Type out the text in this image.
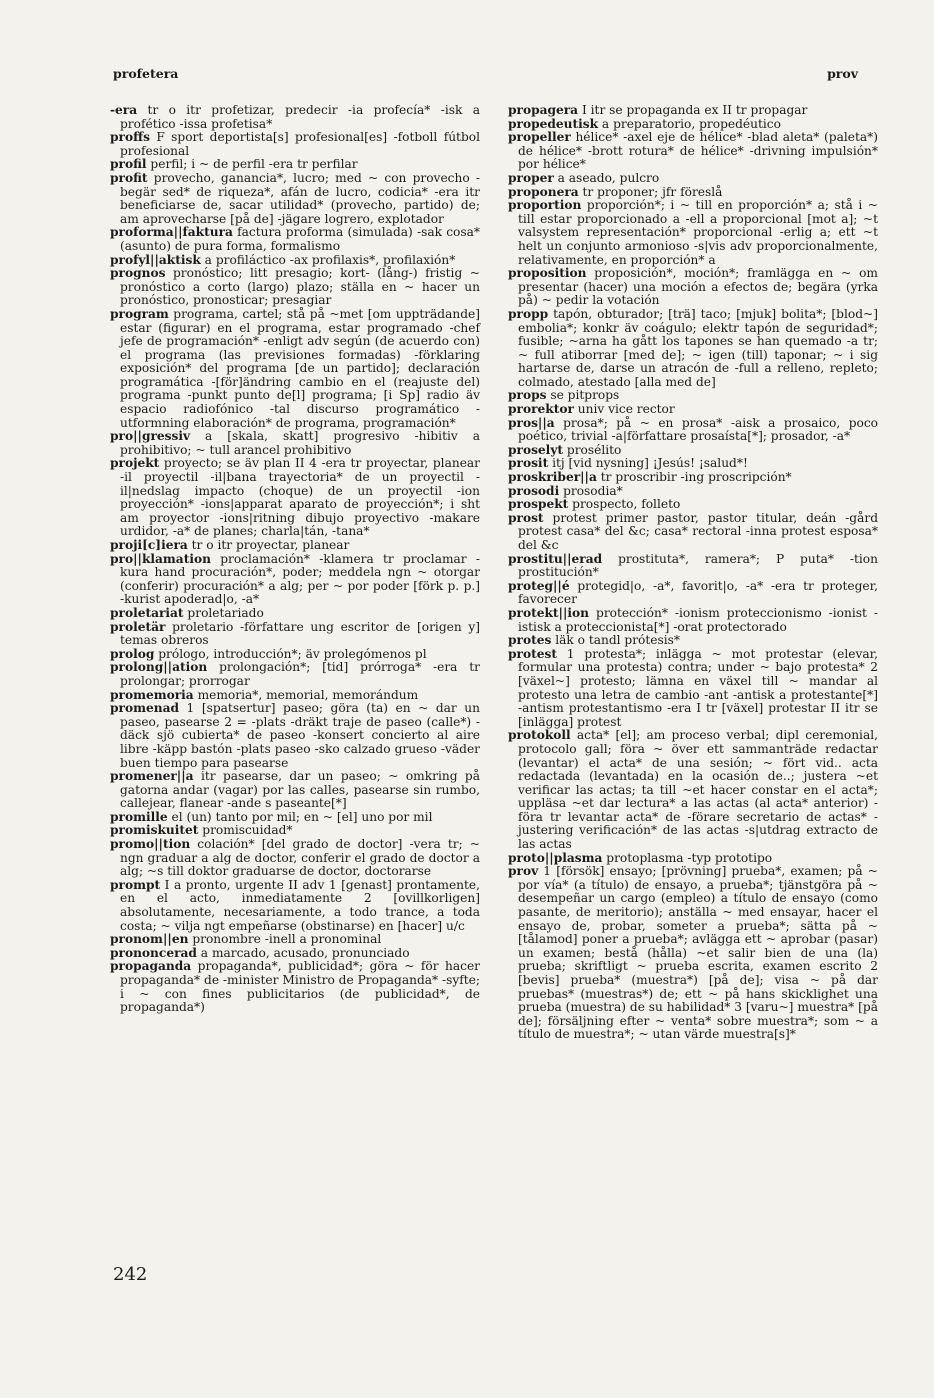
profetera	prov

-era tr o itr profetizar, predecir -ia profecía* -isk a profético -issa profetisa*

proffs F sport deportista[s] profesional[es] -fotboll fútbol profesional

profil perfil; i ~ de perfil -era tr perfilar

profit provecho, ganancia*, lucro; med ~ con provecho -begär sed* de riqueza*, afán de lucro, codicia* -era itr beneficiarse de, sacar utilidad* (provecho, partido) de; am aprovecharse [på de] -jägare logrero, explotador

proforma||faktura factura proforma (simulada) -sak cosa* (asunto) de pura forma, formalismo

profyl||aktisk a profiláctico -ax profilaxis*, profilaxión*

prognos pronóstico; litt presagio; kort- (lång-) fristig ~ pronóstico a corto (largo) plazo; ställa en ~ hacer un pronóstico, pronosticar; presagiar

program programa, cartel; stå på ~met [om uppträdande] estar (figurar) en el programa, estar programado -chef jefe de programación* -enligt adv según (de acuerdo con) el programa (las previsiones formadas) -förklaring exposición* del programa [de un partido]; declaración programática -[för]ändring cambio en el (reajuste del) programa -punkt punto de[l] programa; [i Sp] radio äv espacio radiofónico -tal discurso programático -utformning elaboración* de programa, programación*

pro||gressiv a [skala, skatt] progresivo -hibitiv a prohibitivo; ~ tull arancel prohibitivo

projekt proyecto; se äv plan II 4 -era tr proyectar, planear -il proyectil -il|bana trayectoria* de un proyectil -il|nedslag impacto (choque) de un proyectil -ion proyección* -ions|apparat aparato de proyección*; i sht am proyector -ions|ritning dibujo proyectivo -makare urdidor, -a* de planes; charla|tán, -tana*

proji[c]iera tr o itr proyectar, planear

pro||klamation proclamación* -klamera tr proclamar -kura hand procuración*, poder; meddela ngn ~ otorgar (conferir) procuración* a alg; per ~ por poder [förk p. p.] -kurist apoderad|o, -a*

proletariat proletariado

proletär proletario -författare ung escritor de [origen y] temas obreros

prolog prólogo, introducción*; äv prolegómenos pl

prolong||ation prolongación*; [tid] prórroga* -era tr prolongar; prorrogar

promemoria memoria*, memorial, memorándum

promenad 1 [spatsertur] paseo; göra (ta) en ~ dar un paseo, pasearse 2 = -plats -dräkt traje de paseo (calle*) -däck sjö cubierta* de paseo -konsert concierto al aire libre -käpp bastón -plats paseo -sko calzado grueso -väder buen tiempo para pasearse

promener||a itr pasearse, dar un paseo; ~ omkring på gatorna andar (vagar) por las calles, pasearse sin rumbo, callejear, flanear -ande s paseante[*]

promille el (un) tanto por mil; en ~ [el] uno por mil

promiskuitet promiscuidad*

promo||tion colación* [del grado de doctor] -vera tr; ~ ngn graduar a alg de doctor, conferir el grado de doctor a alg; ~s till doktor graduarse de doctor, doctorarse

prompt I a pronto, urgente II adv 1 [genast] prontamente, en el acto, inmediatamente 2 [ovillkorligen] absolutamente, necesariamente, a todo trance, a toda costa; ~ vilja ngt empeñarse (obstinarse) en [hacer] u/c

pronom||en pronombre -inell a pronominal

prononcerad a marcado, acusado, pronunciado

propaganda propaganda*, publicidad*; göra ~ för hacer propaganda* de -minister Ministro de Propaganda* -syfte; i ~ con fines publicitarios (de publicidad*, de propaganda*)

propagera I itr se propaganda ex II tr propagar

propedeutisk a preparatorio, propedéutico

propeller hélice* -axel eje de hélice* -blad aleta* (paleta*) de hélice* -brott rotura* de hélice* -drivning impulsión* por hélice*

proper a aseado, pulcro

proponera tr proponer; jfr föreslå

proportion proporción*; i ~ till en proporción* a; stå i ~ till estar proporcionado a -ell a proporcional [mot a]; ~t valsystem representación* proporcional -erlig a; ett ~t helt un conjunto armonioso -s|vis adv proporcionalmente, relativamente, en proporción* a

proposition proposición*, moción*; framlägga en ~ om presentar (hacer) una moción a efectos de; begära (yrka på) ~ pedir la votación

propp tapón, obturador; [trä] taco; [mjuk] bolita*; [blod~] embolia*; konkr äv coágulo; elektr tapón de seguridad*; fusible; ~arna ha gått los tapones se han quemado -a tr; ~ full atiborrar [med de]; ~ igen (till) taponar; ~ i sig hartarse de, darse un atracón de -full a relleno, repleto; colmado, atestado [alla med de]

props se pitprops

prorektor univ vice rector

pros||a prosa*; på ~ en prosa* -aisk a prosaico, poco poético, trivial -a|författare prosaísta[*]; prosador, -a*

proselyt prosélito

prosit itj [vid nysning] ¡Jesús! ¡salud*!

proskriber||a tr proscribir -ing proscripción*

prosodi prosodia*

prospekt prospecto, folleto

prost protest primer pastor, pastor titular, deán -gård protest casa* del &c; casa* rectoral -inna protest esposa* del &c

prostitu||erad prostituta*, ramera*; P puta* -tion prostitución*

proteg||é protegid|o, -a*, favorit|o, -a* -era tr proteger, favorecer

protekt||ion protección* -ionism proteccionismo -ionist -istisk a proteccionista[*] -orat protectorado

protes läk o tandl prótesis*

protest 1 protesta*; inlägga ~ mot protestar (elevar, formular una protesta) contra; under ~ bajo protesta* 2 [växel~] protesto; lämna en växel till ~ mandar al protesto una letra de cambio -ant -antisk a protestante[*] -antism protestantismo -era I tr [växel] protestar II itr se [inlägga] protest

protokoll acta* [el]; am proceso verbal; dipl ceremonial, protocolo gall; föra ~ över ett sammanträde redactar (levantar) el acta* de una sesión; ~ fört vid.. acta redactada (levantada) en la ocasión de..; justera ~et verificar las actas; ta till ~et hacer constar en el acta*; uppläsa ~et dar lectura* a las actas (al acta* anterior) -föra tr levantar acta* de -förare secretario de actas* -justering verificación* de las actas -s|utdrag extracto de las actas

proto||plasma protoplasma -typ prototipo

prov 1 [försök] ensayo; [prövning] prueba*, examen; på ~ por vía* (a título) de ensayo, a prueba*; tjänstgöra på ~ desempeñar un cargo (empleo) a título de ensayo (como pasante, de meritorio); anställa ~ med ensayar, hacer el ensayo de, probar, someter a prueba*; sätta på ~ [tålamod] poner a prueba*; avlägga ett ~ aprobar (pasar) un examen; bestå (hålla) ~et salir bien de una (la) prueba; skriftligt ~ prueba escrita, examen escrito 2 [bevis] prueba* (muestra*) [på de]; visa ~ på dar pruebas* (muestras*) de; ett ~ på hans skicklighet una prueba (muestra) de su habilidad* 3 [varu~] muestra* [på de]; försäljning efter ~ venta* sobre muestra*; som ~ a título de muestra*; ~ utan värde muestra[s]*

242
